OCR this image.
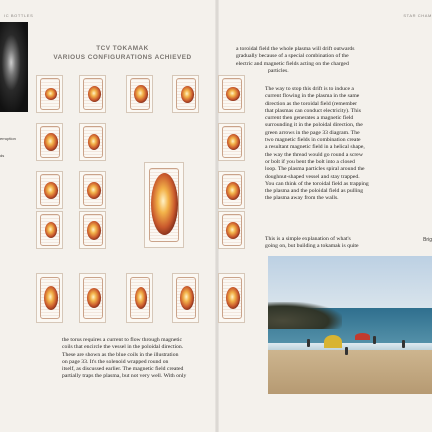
IC BOTTLES	STAR CHAM
erruption
ds
TCV TOKAMAK
VARIOUS CONFIGURATIONS ACHIEVED

the torus requires a current to flow through magnetic

coils that encircle the vessel in the poloidal direction.

These are shown as the blue coils in the illustration

on page 33. It's the solenoid wrapped round on

itself, as discussed earlier. The magnetic field created

partially traps the plasma, but not very well. With only

a toroidal field the whole plasma will drift outwards

gradually because of a special combination of the

electric and magnetic fields acting on the charged

particles.

The way to stop this drift is to induce a

current flowing in the plasma in the same

direction as the toroidal field (remember

that plasmas can conduct electricity). This

current then generates a magnetic field

surrounding it in the poloidal direction, the

green arrows in the page 33 diagram. The

two magnetic fields in combination create

a resultant magnetic field in a helical shape,

the way the thread would go round a screw

or bolt if you bent the bolt into a closed

loop. The plasma particles spiral around the

doughnut-shaped vessel and stay trapped.

You can think of the toroidal field as trapping

the plasma and the poloidal field as pulling

the plasma away from the walls.

This is a simple explanation of what's

going on, but building a tokamak is quite

Brig
